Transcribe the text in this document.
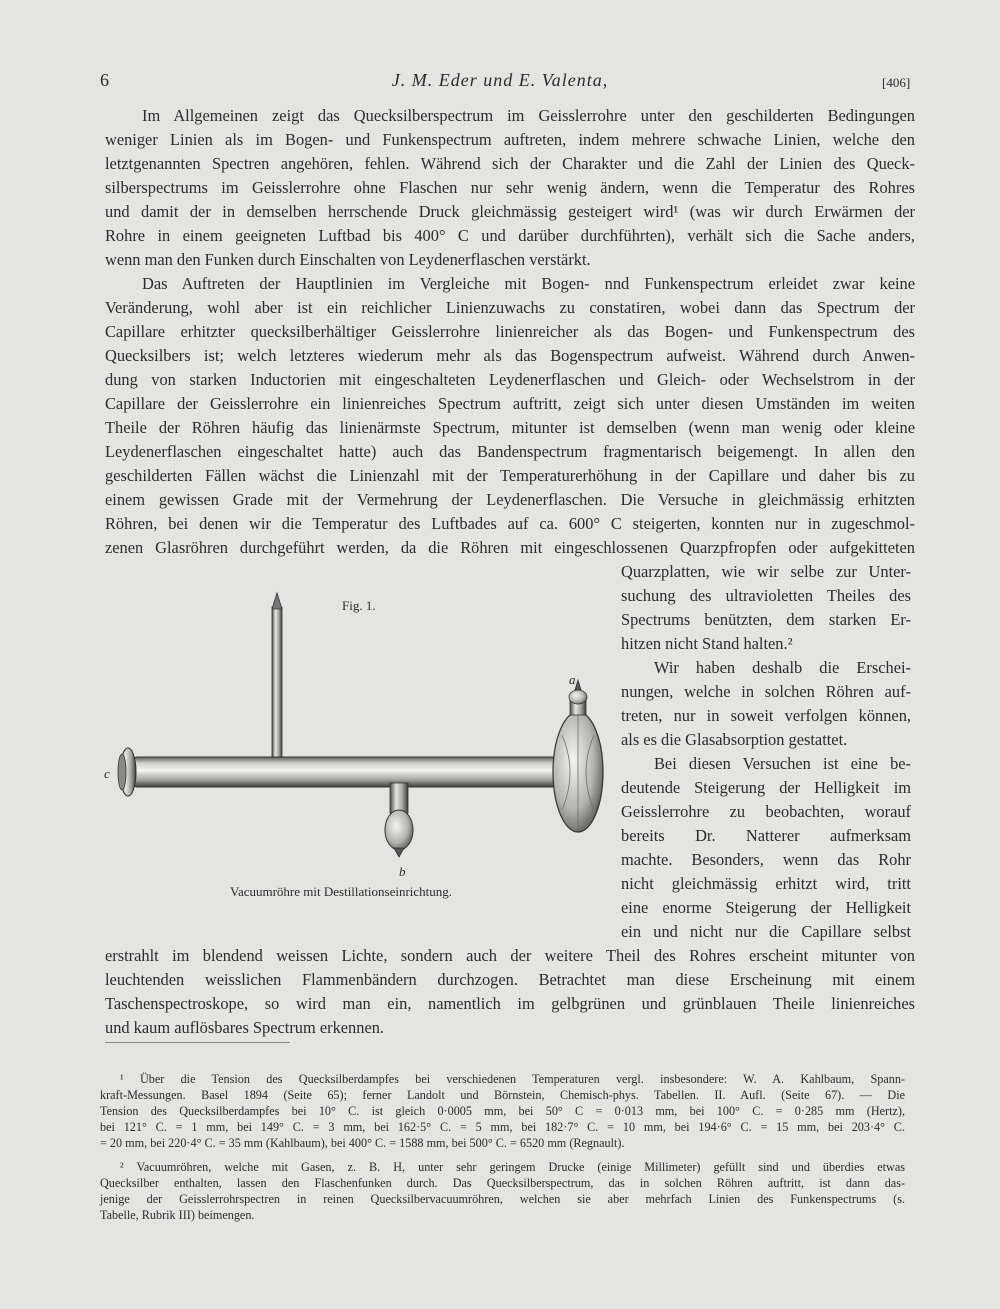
6	J. M. Eder und E. Valenta,	[406]
Im Allgemeinen zeigt das Quecksilberspectrum im Geisslerrohre unter den geschilderten Bedingungen
weniger Linien als im Bogen- und Funkenspectrum auftreten, indem mehrere schwache Linien, welche den
letztgenannten Spectren angehören, fehlen. Während sich der Charakter und die Zahl der Linien des Queck-
silberspectrums im Geisslerrohre ohne Flaschen nur sehr wenig ändern, wenn die Temperatur des Rohres
und damit der in demselben herrschende Druck gleichmässig gesteigert wird¹ (was wir durch Erwärmen der
Rohre in einem geeigneten Luftbad bis 400° C und darüber durchführten), verhält sich die Sache anders,
wenn man den Funken durch Einschalten von Leydenerflaschen verstärkt.
Das Auftreten der Hauptlinien im Vergleiche mit Bogen- nnd Funkenspectrum erleidet zwar keine
Veränderung, wohl aber ist ein reichlicher Linienzuwachs zu constatiren, wobei dann das Spectrum der
Capillare erhitzter quecksilberhältiger Geisslerrohre linienreicher als das Bogen- und Funkenspectrum des
Quecksilbers ist; welch letzteres wiederum mehr als das Bogenspectrum aufweist. Während durch Anwen-
dung von starken Inductorien mit eingeschalteten Leydenerflaschen und Gleich- oder Wechselstrom in der
Capillare der Geisslerrohre ein linienreiches Spectrum auftritt, zeigt sich unter diesen Umständen im weiten
Theile der Röhren häufig das linienärmste Spectrum, mitunter ist demselben (wenn man wenig oder kleine
Leydenerflaschen eingeschaltet hatte) auch das Bandenspectrum fragmentarisch beigemengt. In allen den
geschilderten Fällen wächst die Linienzahl mit der Temperaturerhöhung in der Capillare und daher bis zu
einem gewissen Grade mit der Vermehrung der Leydenerflaschen. Die Versuche in gleichmässig erhitzten
Röhren, bei denen wir die Temperatur des Luftbades auf ca. 600° C steigerten, konnten nur in zugeschmol-
zenen Glasröhren durchgeführt werden, da die Röhren mit eingeschlossenen Quarzpfropfen oder aufgekitteten
Quarzplatten, wie wir selbe zur Unter-
suchung des ultravioletten Theiles des
Spectrums benützten, dem starken Er-
hitzen nicht Stand halten.²
Wir haben deshalb die Erschei-
nungen, welche in solchen Röhren auf-
treten, nur in soweit verfolgen können,
als es die Glasabsorption gestattet.
Bei diesen Versuchen ist eine be-
deutende Steigerung der Helligkeit im
Geisslerrohre zu beobachten, worauf
bereits Dr. Natterer aufmerksam
machte. Besonders, wenn das Rohr
nicht gleichmässig erhitzt wird, tritt
eine enorme Steigerung der Helligkeit
ein und nicht nur die Capillare selbst
erstrahlt im blendend weissen Lichte, sondern auch der weitere Theil des Rohres erscheint mitunter von
leuchtenden weisslichen Flammenbändern durchzogen. Betrachtet man diese Erscheinung mit einem
Taschenspectroskope, so wird man ein, namentlich im gelbgrünen und grünblauen Theile linienreiches
und kaum auflösbares Spectrum erkennen.
Fig. 1.
a
c
b
Vacuumröhre mit Destillationseinrichtung.
¹ Über die Tension des Quecksilberdampfes bei verschiedenen Temperaturen vergl. insbesondere: W. A. Kahlbaum, Spann-
kraft-Messungen. Basel 1894 (Seite 65); ferner Landolt und Börnstein, Chemisch-phys. Tabellen. II. Aufl. (Seite 67). — Die
Tension des Quecksilberdampfes bei 10° C. ist gleich 0·0005 mm, bei 50° C = 0·013 mm, bei 100° C. = 0·285 mm (Hertz),
bei 121° C. = 1 mm, bei 149° C. = 3 mm, bei 162·5° C. = 5 mm, bei 182·7° C. = 10 mm, bei 194·6° C. = 15 mm, bei 203·4° C.
= 20 mm, bei 220·4° C. = 35 mm (Kahlbaum), bei 400° C. = 1588 mm, bei 500° C. = 6520 mm (Regnault).
² Vacuumröhren, welche mit Gasen, z. B. H, unter sehr geringem Drucke (einige Millimeter) gefüllt sind und überdies etwas
Quecksilber enthalten, lassen den Flaschenfunken durch. Das Quecksilberspectrum, das in solchen Röhren auftritt, ist dann das-
jenige der Geisslerrohrspectren in reinen Quecksilbervacuumröhren, welchen sie aber mehrfach Linien des Funkenspectrums (s.
Tabelle, Rubrik III) beimengen.
